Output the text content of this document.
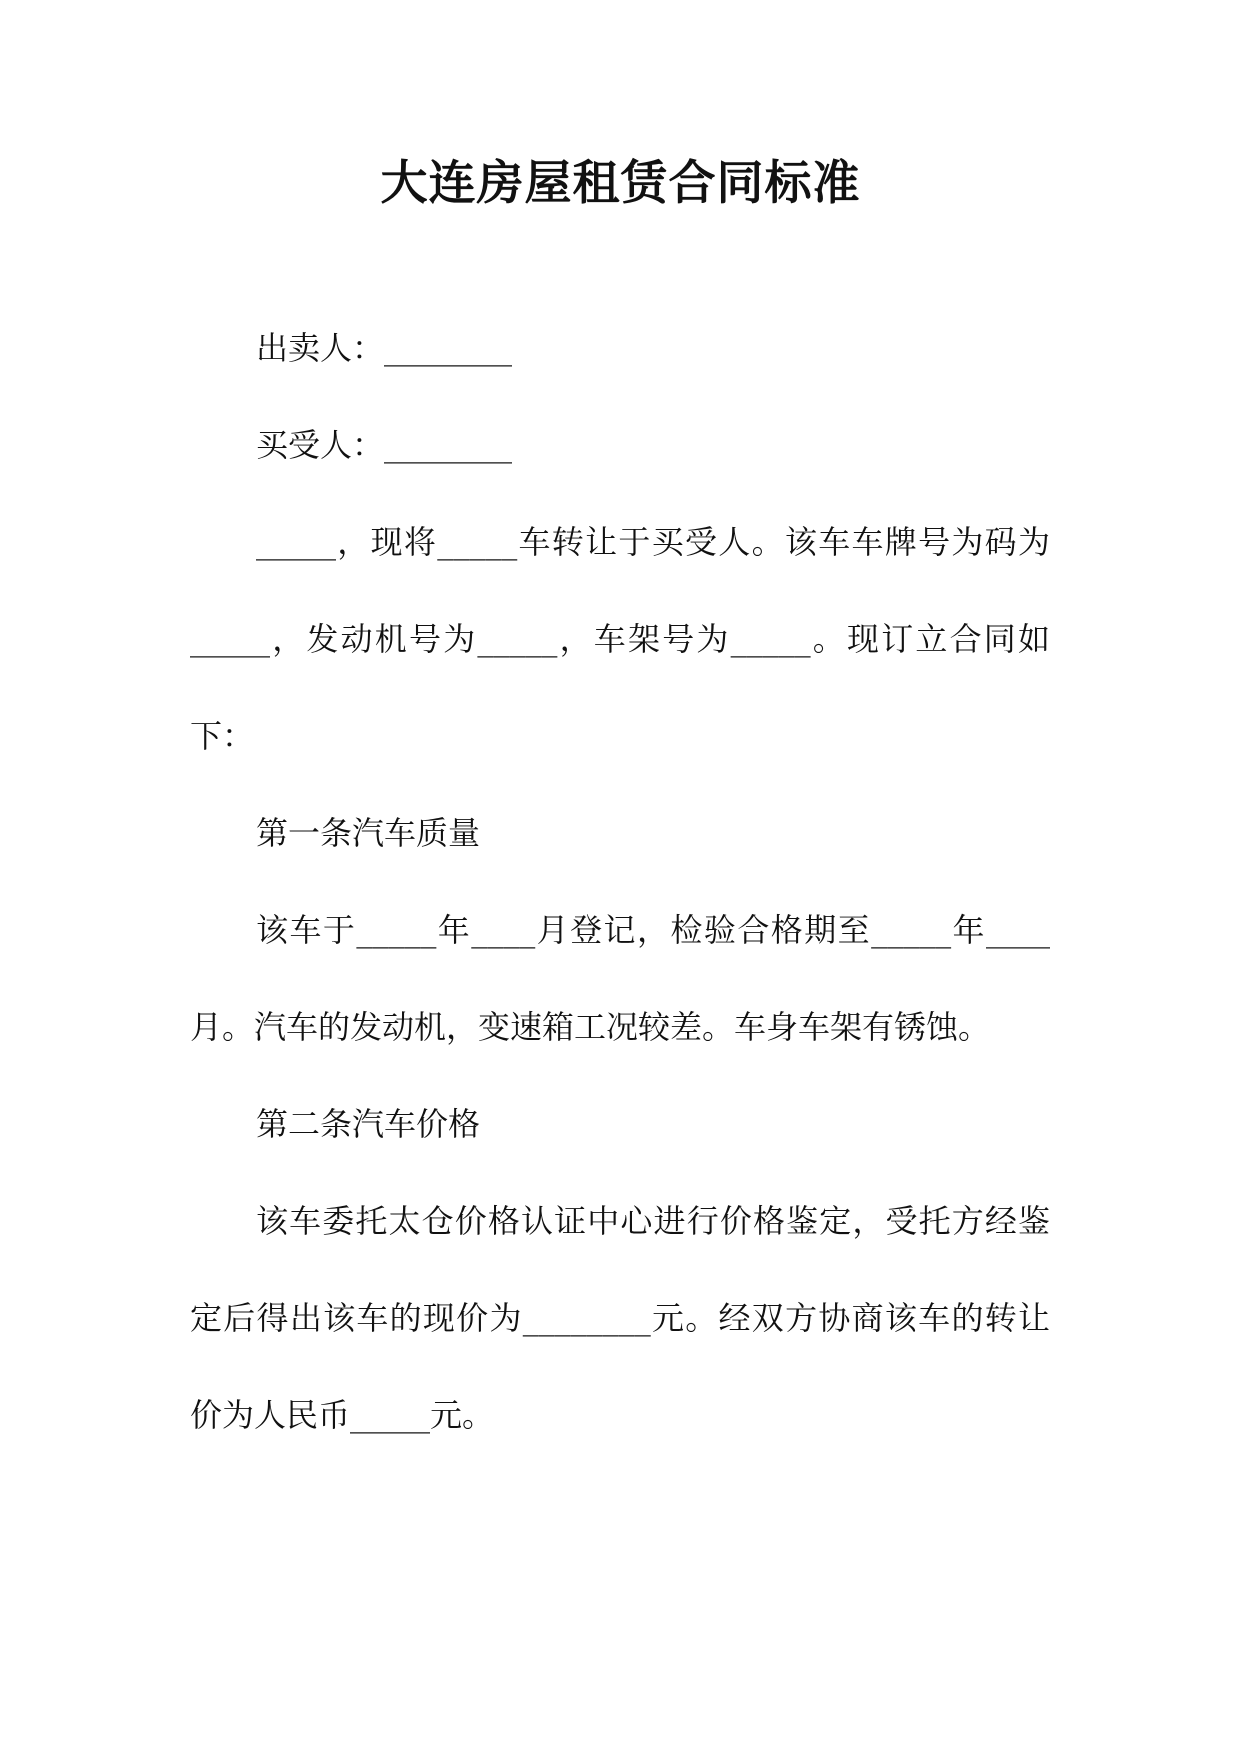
大连房屋租赁合同标准

出卖人：________

买受人：________

_____，现将_____车转让于买受人。该车车牌号为码为_____，发动机号为_____，车架号为_____。现订立合同如下：

第一条汽车质量

该车于_____年____月登记，检验合格期至_____年____月。汽车的发动机，变速箱工况较差。车身车架有锈蚀。

第二条汽车价格

该车委托太仓价格认证中心进行价格鉴定，受托方经鉴定后得出该车的现价为________元。经双方协商该车的转让价为人民币_____元。
